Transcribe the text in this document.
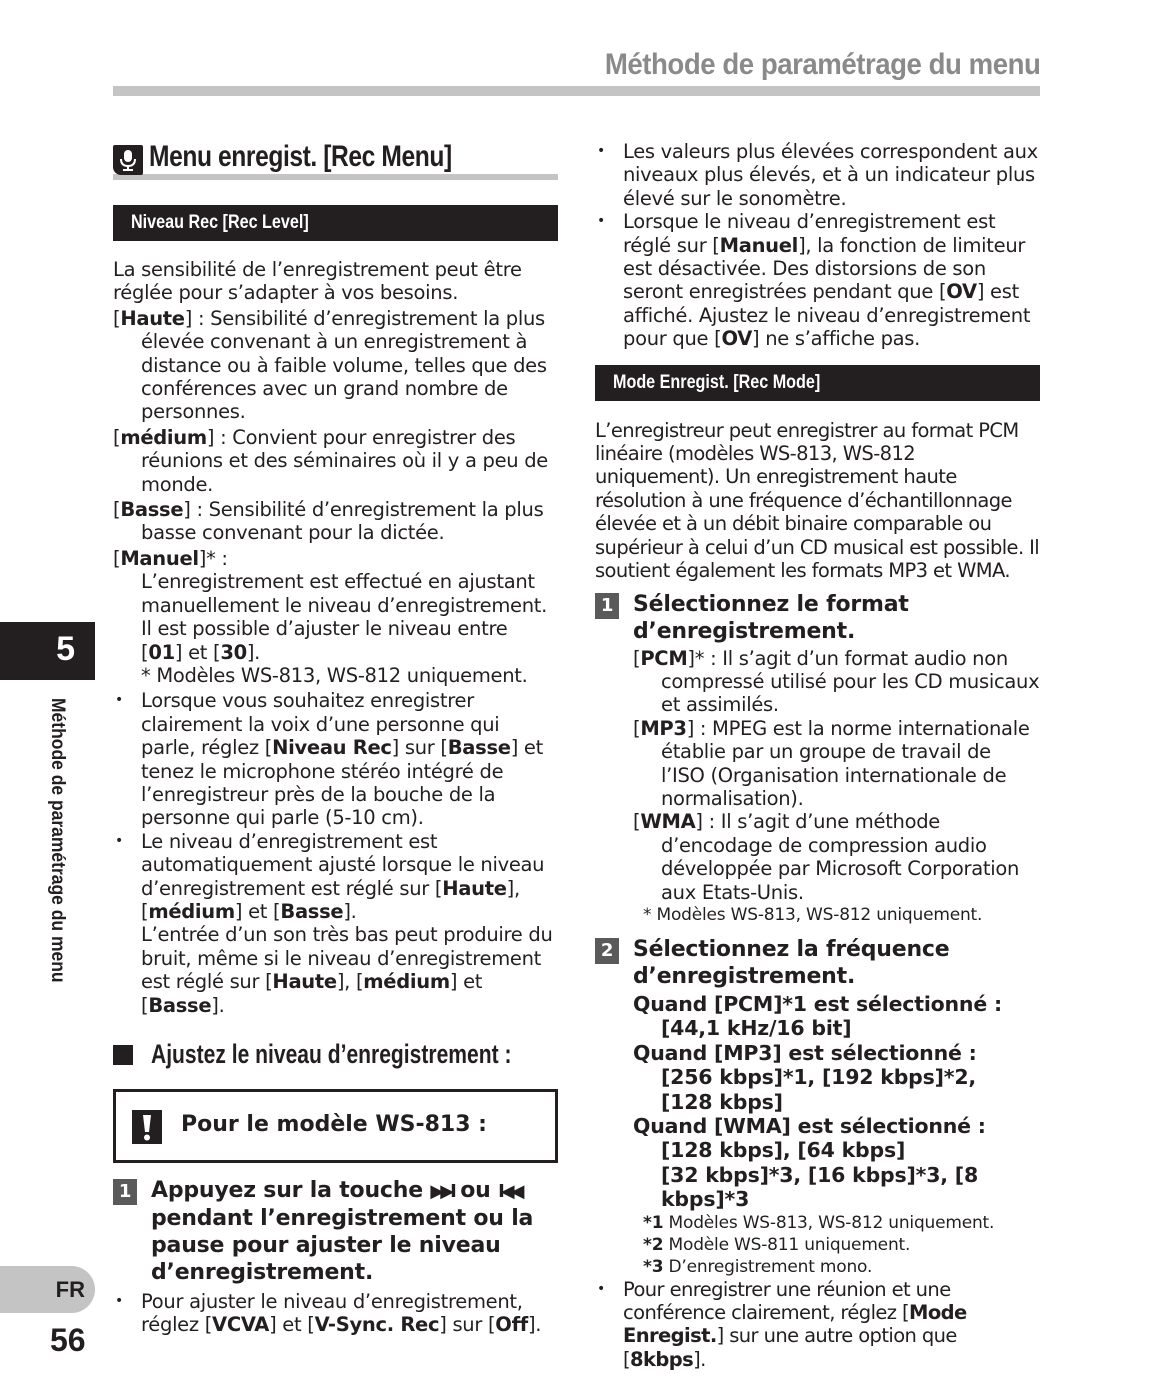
Méthode de paramétrage du menu
5
Méthode de paramétrage du menu
FR
56
Menu enregist. [Rec Menu]
Niveau Rec [Rec Level]
La sensibilité de l’enregistrement peut être
réglée pour s’adapter à vos besoins.
[Haute] : Sensibilité d’enregistrement la plus élevée convenant à un enregistrement à distance ou à faible volume, telles que des conférences avec un grand nombre de personnes.
[médium] : Convient pour enregistrer des réunions et des séminaires où il y a peu de monde.
[Basse] : Sensibilité d’enregistrement la plus basse convenant pour la dictée.
[Manuel]* :
L’enregistrement est effectué en ajustant manuellement le niveau d’enregistrement.
Il est possible d’ajuster le niveau entre
[01] et [30].
* Modèles WS-813, WS-812 uniquement.
• Lorsque vous souhaitez enregistrer clairement la voix d’une personne qui parle, réglez [Niveau Rec] sur [Basse] et tenez le microphone stéréo intégré de l’enregistreur près de la bouche de la personne qui parle (5-10 cm).
• Le niveau d’enregistrement est automatiquement ajusté lorsque le niveau d’enregistrement est réglé sur [Haute], [médium] et [Basse].
L’entrée d’un son très bas peut produire du bruit, même si le niveau d’enregistrement est réglé sur [Haute], [médium] et [Basse].
Ajustez le niveau d’enregistrement :
Pour le modèle WS-813 :
1 Appuyez sur la touche ▶▶I ou I◀◀ pendant l’enregistrement ou la pause pour ajuster le niveau d’enregistrement.
• Pour ajuster le niveau d’enregistrement, réglez [VCVA] et [V-Sync. Rec] sur [Off].
• Les valeurs plus élevées correspondent aux niveaux plus élevés, et à un indicateur plus élevé sur le sonomètre.
• Lorsque le niveau d’enregistrement est réglé sur [Manuel], la fonction de limiteur est désactivée. Des distorsions de son seront enregistrées pendant que [OV] est affiché. Ajustez le niveau d’enregistrement pour que [OV] ne s’affiche pas.
Mode Enregist. [Rec Mode]
L’enregistreur peut enregistrer au format PCM linéaire (modèles WS-813, WS-812 uniquement). Un enregistrement haute résolution à une fréquence d’échantillonnage élevée et à un débit binaire comparable ou supérieur à celui d’un CD musical est possible. Il soutient également les formats MP3 et WMA.
1 Sélectionnez le format d’enregistrement.
[PCM]* : Il s’agit d’un format audio non compressé utilisé pour les CD musicaux et assimilés.
[MP3] : MPEG est la norme internationale établie par un groupe de travail de l’ISO (Organisation internationale de normalisation).
[WMA] : Il s’agit d’une méthode d’encodage de compression audio développée par Microsoft Corporation aux Etats-Unis.
* Modèles WS-813, WS-812 uniquement.
2 Sélectionnez la fréquence d’enregistrement.
Quand [PCM]*1 est sélectionné :
[44,1 kHz/16 bit]
Quand [MP3] est sélectionné :
[256 kbps]*1, [192 kbps]*2,
[128 kbps]
Quand [WMA] est sélectionné :
[128 kbps], [64 kbps]
[32 kbps]*3, [16 kbps]*3, [8 kbps]*3
*1 Modèles WS-813, WS-812 uniquement.
*2 Modèle WS-811 uniquement.
*3 D’enregistrement mono.
• Pour enregistrer une réunion et une conférence clairement, réglez [Mode Enregist.] sur une autre option que [8kbps].
